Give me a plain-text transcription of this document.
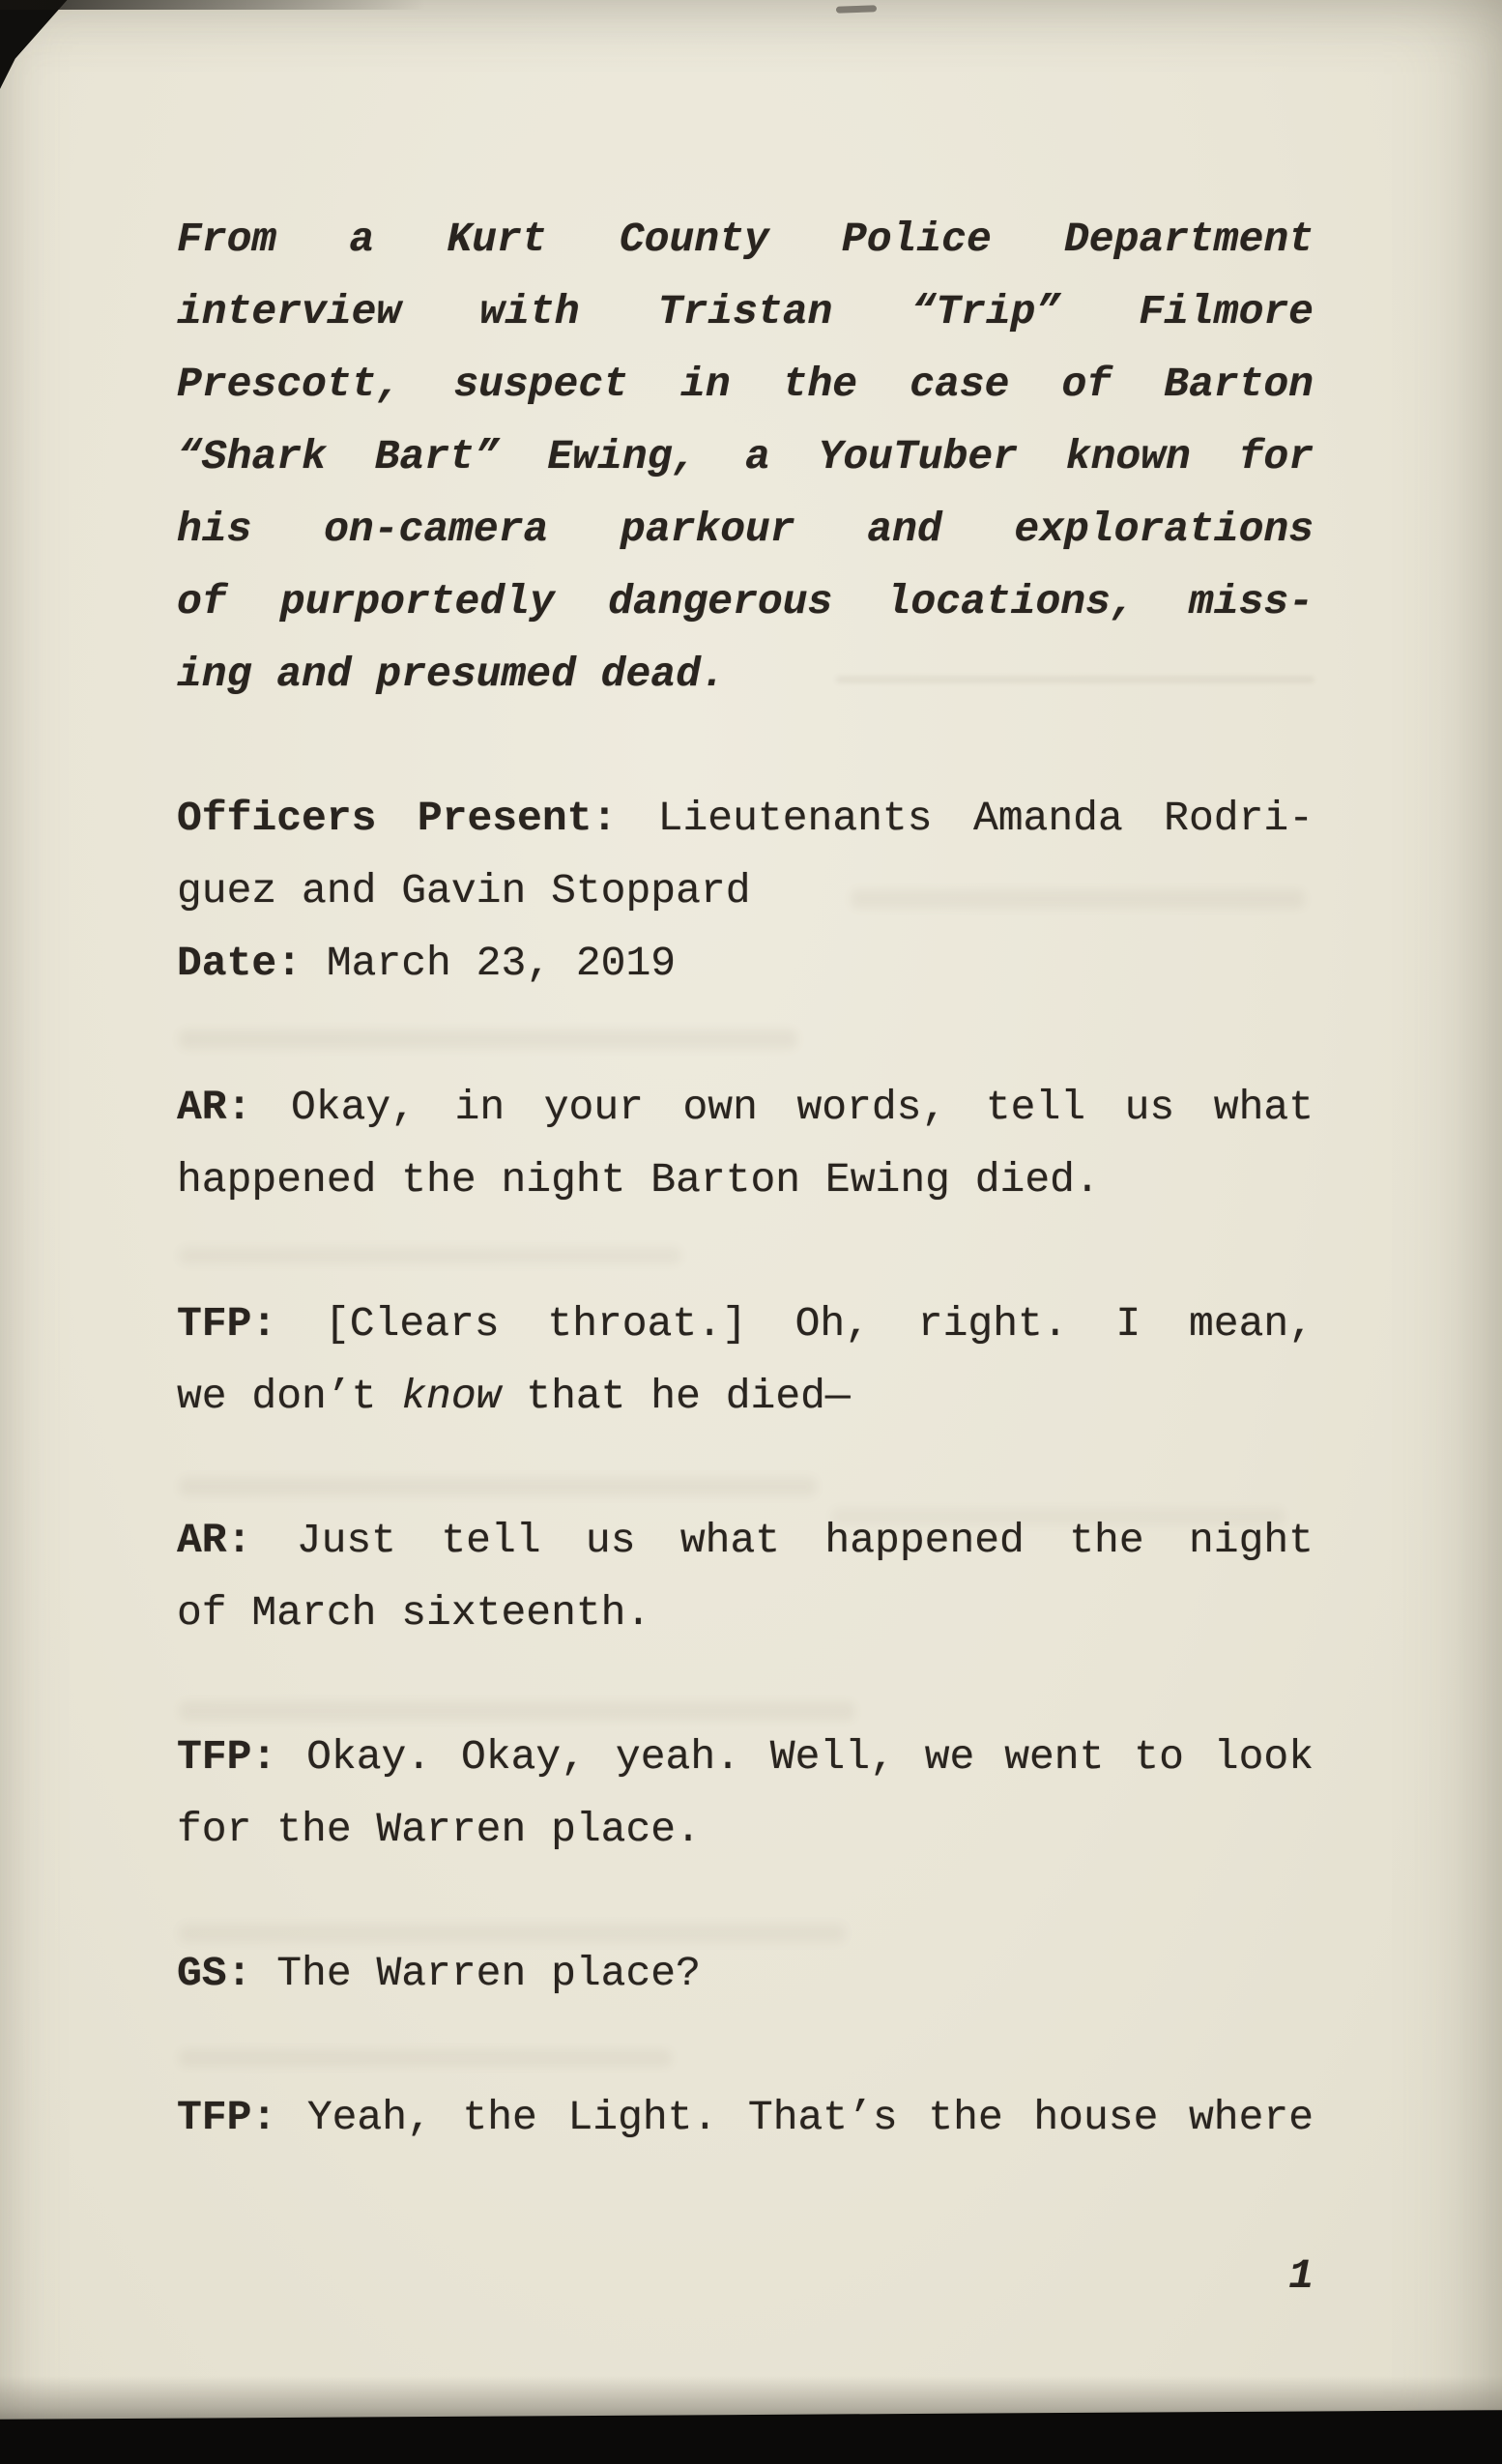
From a Kurt County Police Department
interview with Tristan “Trip” Filmore
Prescott, suspect in the case of Barton
“Shark Bart” Ewing, a YouTuber known for
his on-camera parkour and explorations
of purportedly dangerous locations, miss-
ing and presumed dead.
Officers Present: Lieutenants Amanda Rodri-
guez and Gavin Stoppard
Date: March 23, 2019
AR: Okay, in your own words, tell us what
happened the night Barton Ewing died.
TFP: [Clears throat.] Oh, right. I mean,
we don’t know that he died—
AR: Just tell us what happened the night
of March sixteenth.
TFP: Okay. Okay, yeah. Well, we went to look
for the Warren place.
GS: The Warren place?
TFP: Yeah, the Light. That’s the house where
1
